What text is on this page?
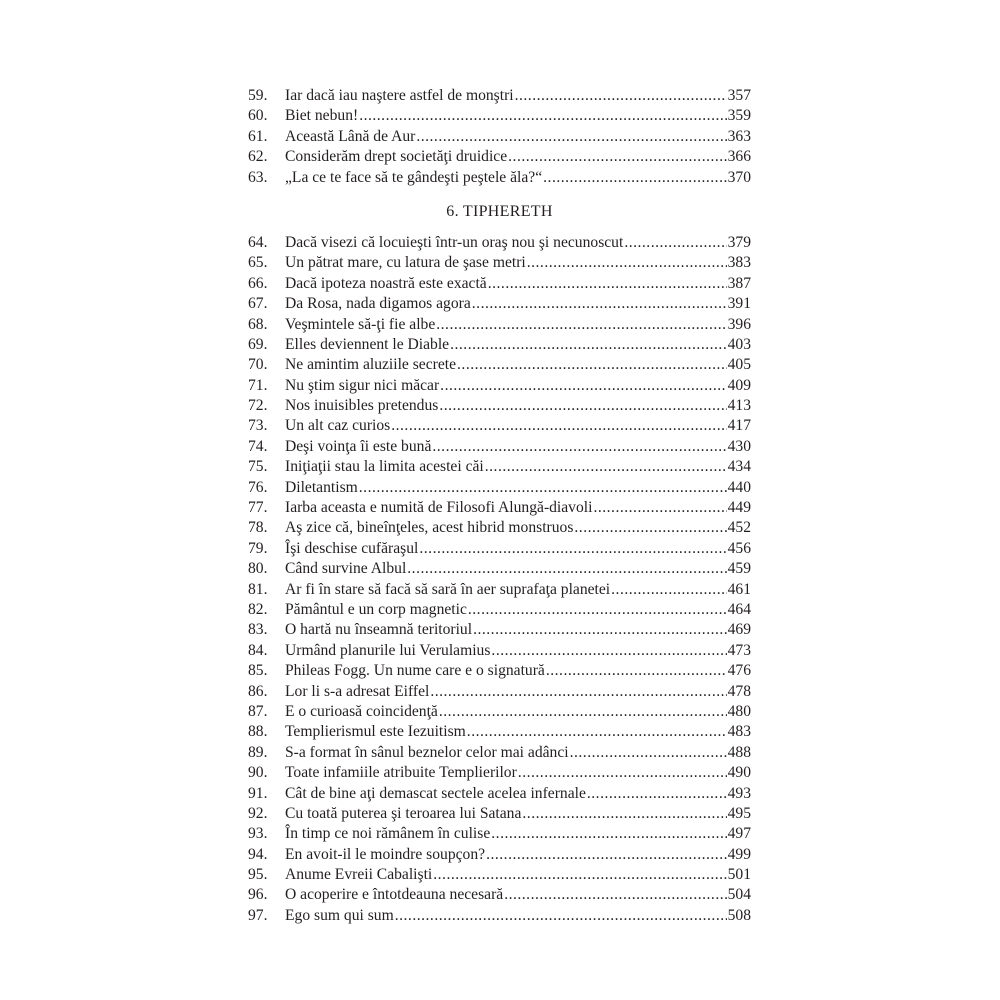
59.	Iar dacă iau naştere astfel de monştri .....	357
60.	Biet nebun! .....	359
61.	Această Lână de Aur .....	363
62.	Considerăm drept societăţi druidice .....	366
63.	„La ce te face să te gândeşti peştele ăla?“ .....	370
6. TIPHERETH
64.	Dacă visezi că locuieşti într-un oraş nou şi necunoscut .....	379
65.	Un pătrat mare, cu latura de şase metri .....	383
66.	Dacă ipoteza noastră este exactă .....	387
67.	Da Rosa, nada digamos agora .....	391
68.	Veşmintele să-ţi fie albe .....	396
69.	Elles deviennent le Diable .....	403
70.	Ne amintim aluziile secrete .....	405
71.	Nu ştim sigur nici măcar .....	409
72.	Nos inuisibles pretendus .....	413
73.	Un alt caz curios .....	417
74.	Deşi voinţa îi este bună .....	430
75.	Iniţiaţii stau la limita acestei căi .....	434
76.	Diletantism .....	440
77.	Iarba aceasta e numită de Filosofi Alungă-diavoli .....	449
78.	Aş zice că, bineînţeles, acest hibrid monstruos .....	452
79.	Îşi deschise cufăraşul .....	456
80.	Când survine Albul .....	459
81.	Ar fi în stare să facă să sară în aer suprafaţa planetei .....	461
82.	Pământul e un corp magnetic .....	464
83.	O hartă nu înseamnă teritoriul .....	469
84.	Urmând planurile lui Verulamius .....	473
85.	Phileas Fogg. Un nume care e o signatură .....	476
86.	Lor li s-a adresat Eiffel .....	478
87.	E o curioasă coincidenţă .....	480
88.	Templierismul este Iezuitism .....	483
89.	S-a format în sânul beznelor celor mai adânci .....	488
90.	Toate infamiile atribuite Templierilor .....	490
91.	Cât de bine aţi demascat sectele acelea infernale .....	493
92.	Cu toată puterea şi teroarea lui Satana .....	495
93.	În timp ce noi rămânem în culise .....	497
94.	En avoit-il le moindre soupçon? .....	499
95.	Anume Evreii Cabalişti .....	501
96.	O acoperire e întotdeauna necesară .....	504
97.	Ego sum qui sum .....	508
